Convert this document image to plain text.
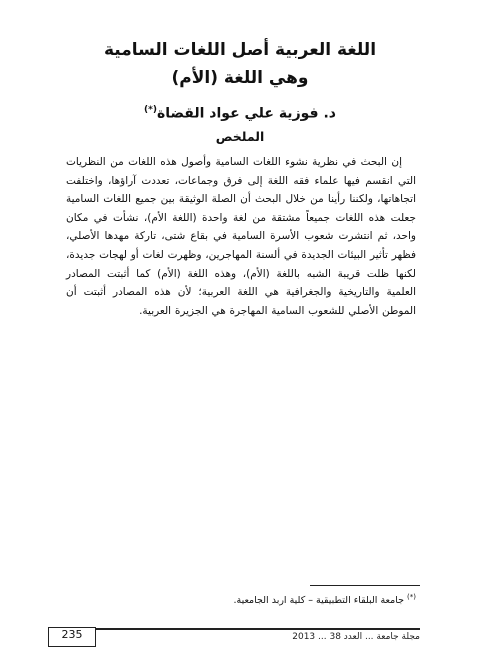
اللغة العربية أصل اللغات السامية
وهي اللغة (الأم)
د. فوزية علي عواد القضاة(*)
الملخص

إن البحث في نظرية نشوء اللغات السامية وأصول هذه اللغات من النظريات التي انقسم فيها علماء فقه اللغة إلى فرق وجماعات، تعددت آراؤها، واختلفت اتجاهاتها، ولكننا رأينا من خلال البحث أن الصلة الوثيقة بين جميع اللغات السامية جعلت هذه اللغات جميعاً مشتقة من لغة واحدة (اللغة الأم)، نشأت في مكان واحد، ثم انتشرت شعوب الأسرة السامية في بقاع شتى، تاركة مهدها الأصلي، فظهر تأثير البيئات الجديدة في ألسنة المهاجرين، وظهرت لغات أو لهجات جديدة، لكنها ظلت قريبة الشبه باللغة (الأم)، وهذه اللغة (الأم) كما أثبتت المصادر العلمية والتاريخية والجغرافية هي اللغة العربية؛ لأن هذه المصادر أثبتت أن الموطن الأصلي للشعوب السامية المهاجرة هي الجزيرة العربية.

(*) جامعة البلقاء التطبيقية – كلية اربد الجامعية.
235	مجلة جامعة ... العدد 38 ... 2013
